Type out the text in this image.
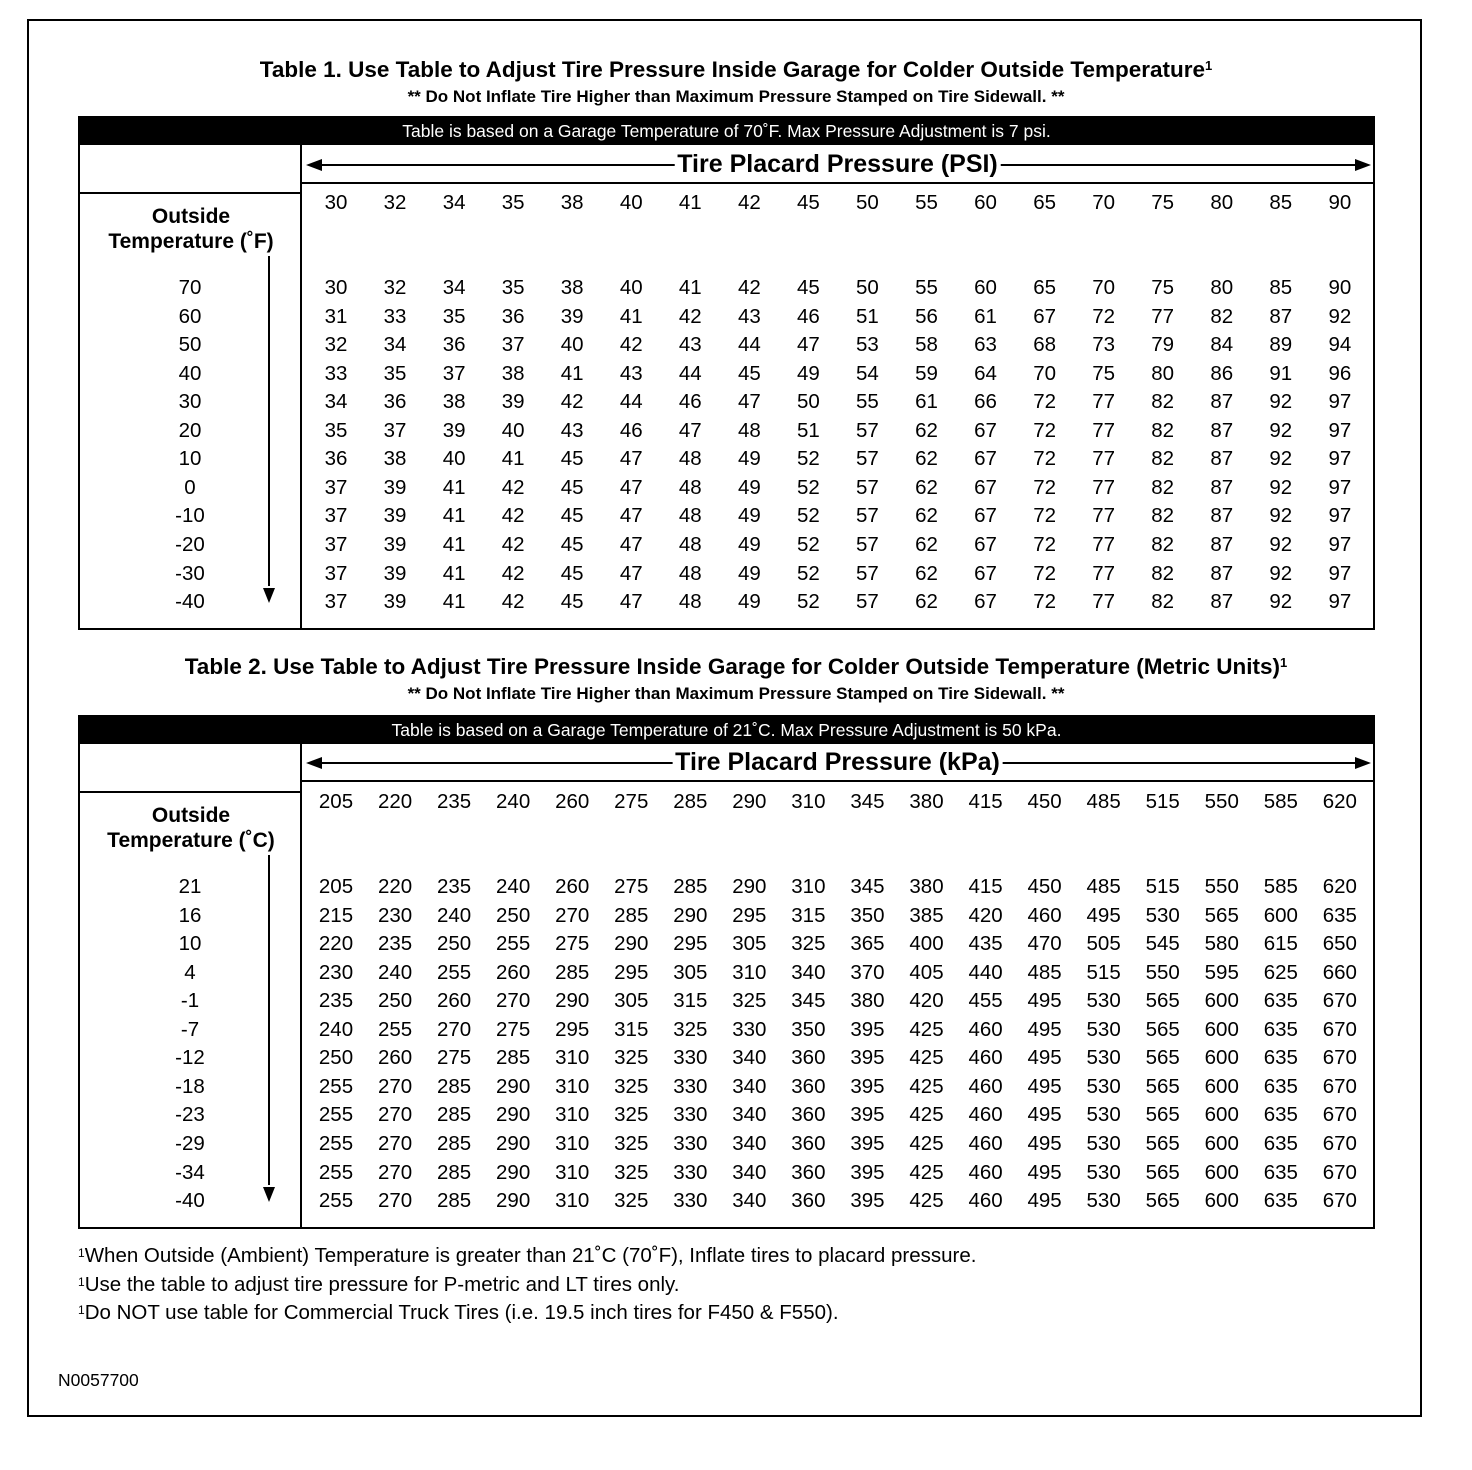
Table 1. Use Table to Adjust Tire Pressure Inside Garage for Colder Outside Temperature$^1$
** Do Not Inflate Tire Higher than Maximum Pressure Stamped on Tire Sidewall. **
Table is based on a Garage Temperature of 70˚F. Max Pressure Adjustment is 7 psi.
Tire Placard Pressure (PSI)
Outside
Temperature (˚F)
30	32	34	35	38	40	41	42	45	50	55	60	65	70	75	80	85	90
70	30	32	34	35	38	40	41	42	45	50	55	60	65	70	75	80	85	90
60	31	33	35	36	39	41	42	43	46	51	56	61	67	72	77	82	87	92
50	32	34	36	37	40	42	43	44	47	53	58	63	68	73	79	84	89	94
40	33	35	37	38	41	43	44	45	49	54	59	64	70	75	80	86	91	96
30	34	36	38	39	42	44	46	47	50	55	61	66	72	77	82	87	92	97
20	35	37	39	40	43	46	47	48	51	57	62	67	72	77	82	87	92	97
10	36	38	40	41	45	47	48	49	52	57	62	67	72	77	82	87	92	97
0	37	39	41	42	45	47	48	49	52	57	62	67	72	77	82	87	92	97
-10	37	39	41	42	45	47	48	49	52	57	62	67	72	77	82	87	92	97
-20	37	39	41	42	45	47	48	49	52	57	62	67	72	77	82	87	92	97
-30	37	39	41	42	45	47	48	49	52	57	62	67	72	77	82	87	92	97
-40	37	39	41	42	45	47	48	49	52	57	62	67	72	77	82	87	92	97
Table 2. Use Table to Adjust Tire Pressure Inside Garage for Colder Outside Temperature (Metric Units)$^1$
** Do Not Inflate Tire Higher than Maximum Pressure Stamped on Tire Sidewall. **
Table is based on a Garage Temperature of 21˚C. Max Pressure Adjustment is 50 kPa.
Tire Placard Pressure (kPa)
Outside
Temperature (˚C)
205	220	235	240	260	275	285	290	310	345	380	415	450	485	515	550	585	620
21	205	220	235	240	260	275	285	290	310	345	380	415	450	485	515	550	585	620
16	215	230	240	250	270	285	290	295	315	350	385	420	460	495	530	565	600	635
10	220	235	250	255	275	290	295	305	325	365	400	435	470	505	545	580	615	650
4	230	240	255	260	285	295	305	310	340	370	405	440	485	515	550	595	625	660
-1	235	250	260	270	290	305	315	325	345	380	420	455	495	530	565	600	635	670
-7	240	255	270	275	295	315	325	330	350	395	425	460	495	530	565	600	635	670
-12	250	260	275	285	310	325	330	340	360	395	425	460	495	530	565	600	635	670
-18	255	270	285	290	310	325	330	340	360	395	425	460	495	530	565	600	635	670
-23	255	270	285	290	310	325	330	340	360	395	425	460	495	530	565	600	635	670
-29	255	270	285	290	310	325	330	340	360	395	425	460	495	530	565	600	635	670
-34	255	270	285	290	310	325	330	340	360	395	425	460	495	530	565	600	635	670
-40	255	270	285	290	310	325	330	340	360	395	425	460	495	530	565	600	635	670
$^1$When Outside (Ambient) Temperature is greater than 21˚C (70˚F), Inflate tires to placard pressure.
$^1$Use the table to adjust tire pressure for P-metric and LT tires only.
$^1$Do NOT use table for Commercial Truck Tires (i.e. 19.5 inch tires for F450 & F550).
N0057700
